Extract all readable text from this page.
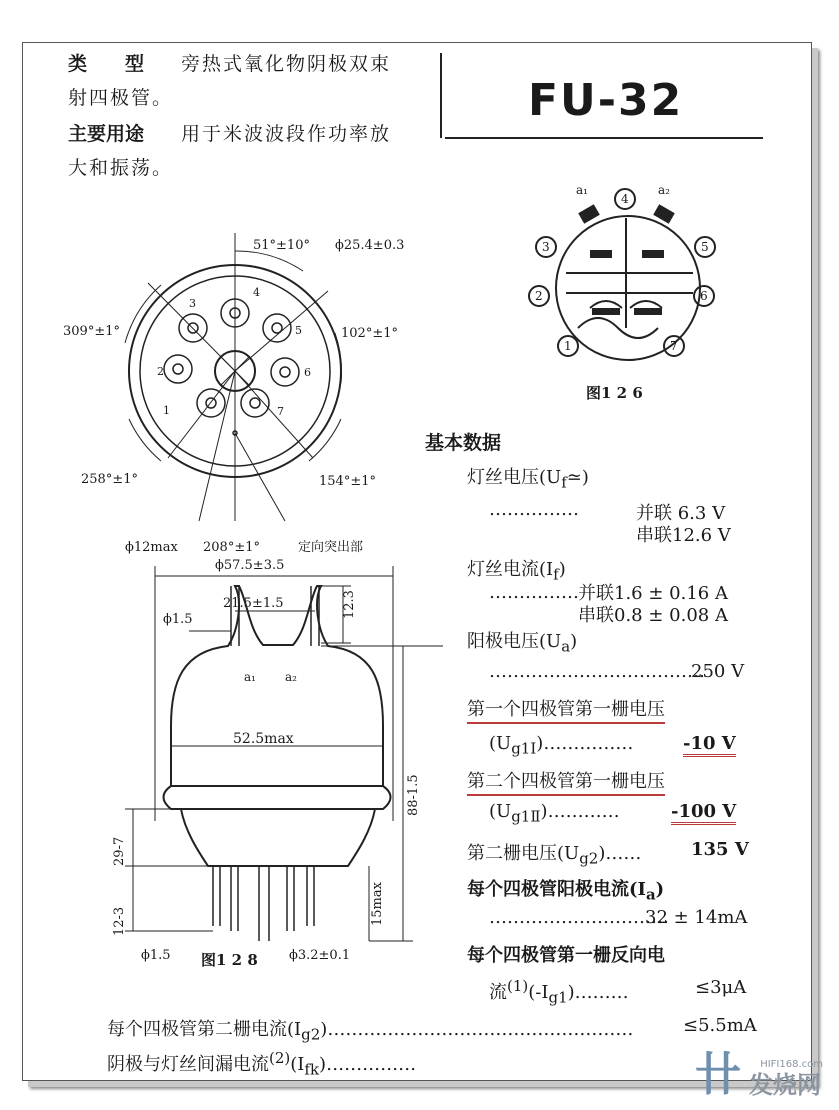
类　　型 旁热式氧化物阴极双束
射四极管。
主要用途 用于米波波段作功率放
大和振荡。
FU-32
51°±10° ϕ25.4±0.3
309°±1°	102°±1°
258°±1°	154°±1°
ϕ12max 208°±1°	定向突出部
1
2
3
4
5
6
7
a₁	a₂
1
2
3
4
5
6
7
图1 2 6
ϕ57.5±3.5
21.5±1.5
ϕ1.5
12.3
a₁ a₂
52.5max
88-1.5
29-7
12-3	15max
ϕ1.5	ϕ3.2±0.1
图1 2 8
基本数据
灯丝电压$(U_f≃)$
……………	并联 6.3 V
串联12.6 V
灯丝电流$(I_f)$
…………… 并联1.6 ± 0.16 A
串联0.8 ± 0.08 A
阳极电压$(U_a)$
………………………………
250 V
第一个四极管第一栅电压
$(U_{g1Ⅰ})\dots\dots\dots\dots\dots$	-10 V
第二个四极管第一栅电压
$(U_{g1Ⅱ})\dots\dots\dots\dots$	-100 V
第二栅电压$(U_{g2})\dots\dots$	135 V
每个四极管阳极电流$(I_a)$
…………………………
32 ± 14mA
每个四极管第一栅反向电
流$^{(1)}(-I_{g1})\dots\dots\dots$	≤3μA
每个四极管第二栅电流$(I_{g2})\dots\dots\dots\dots\dots\dots\dots\dots\dots\dots\dots\dots\dots\dots\dots\dots\dots$	≤5.5mA
阴极与灯丝间漏电流$^{(2)}(I_{fk})\dots\dots\dots\dots\dots$	卄 HIFI168.com
发烧网
